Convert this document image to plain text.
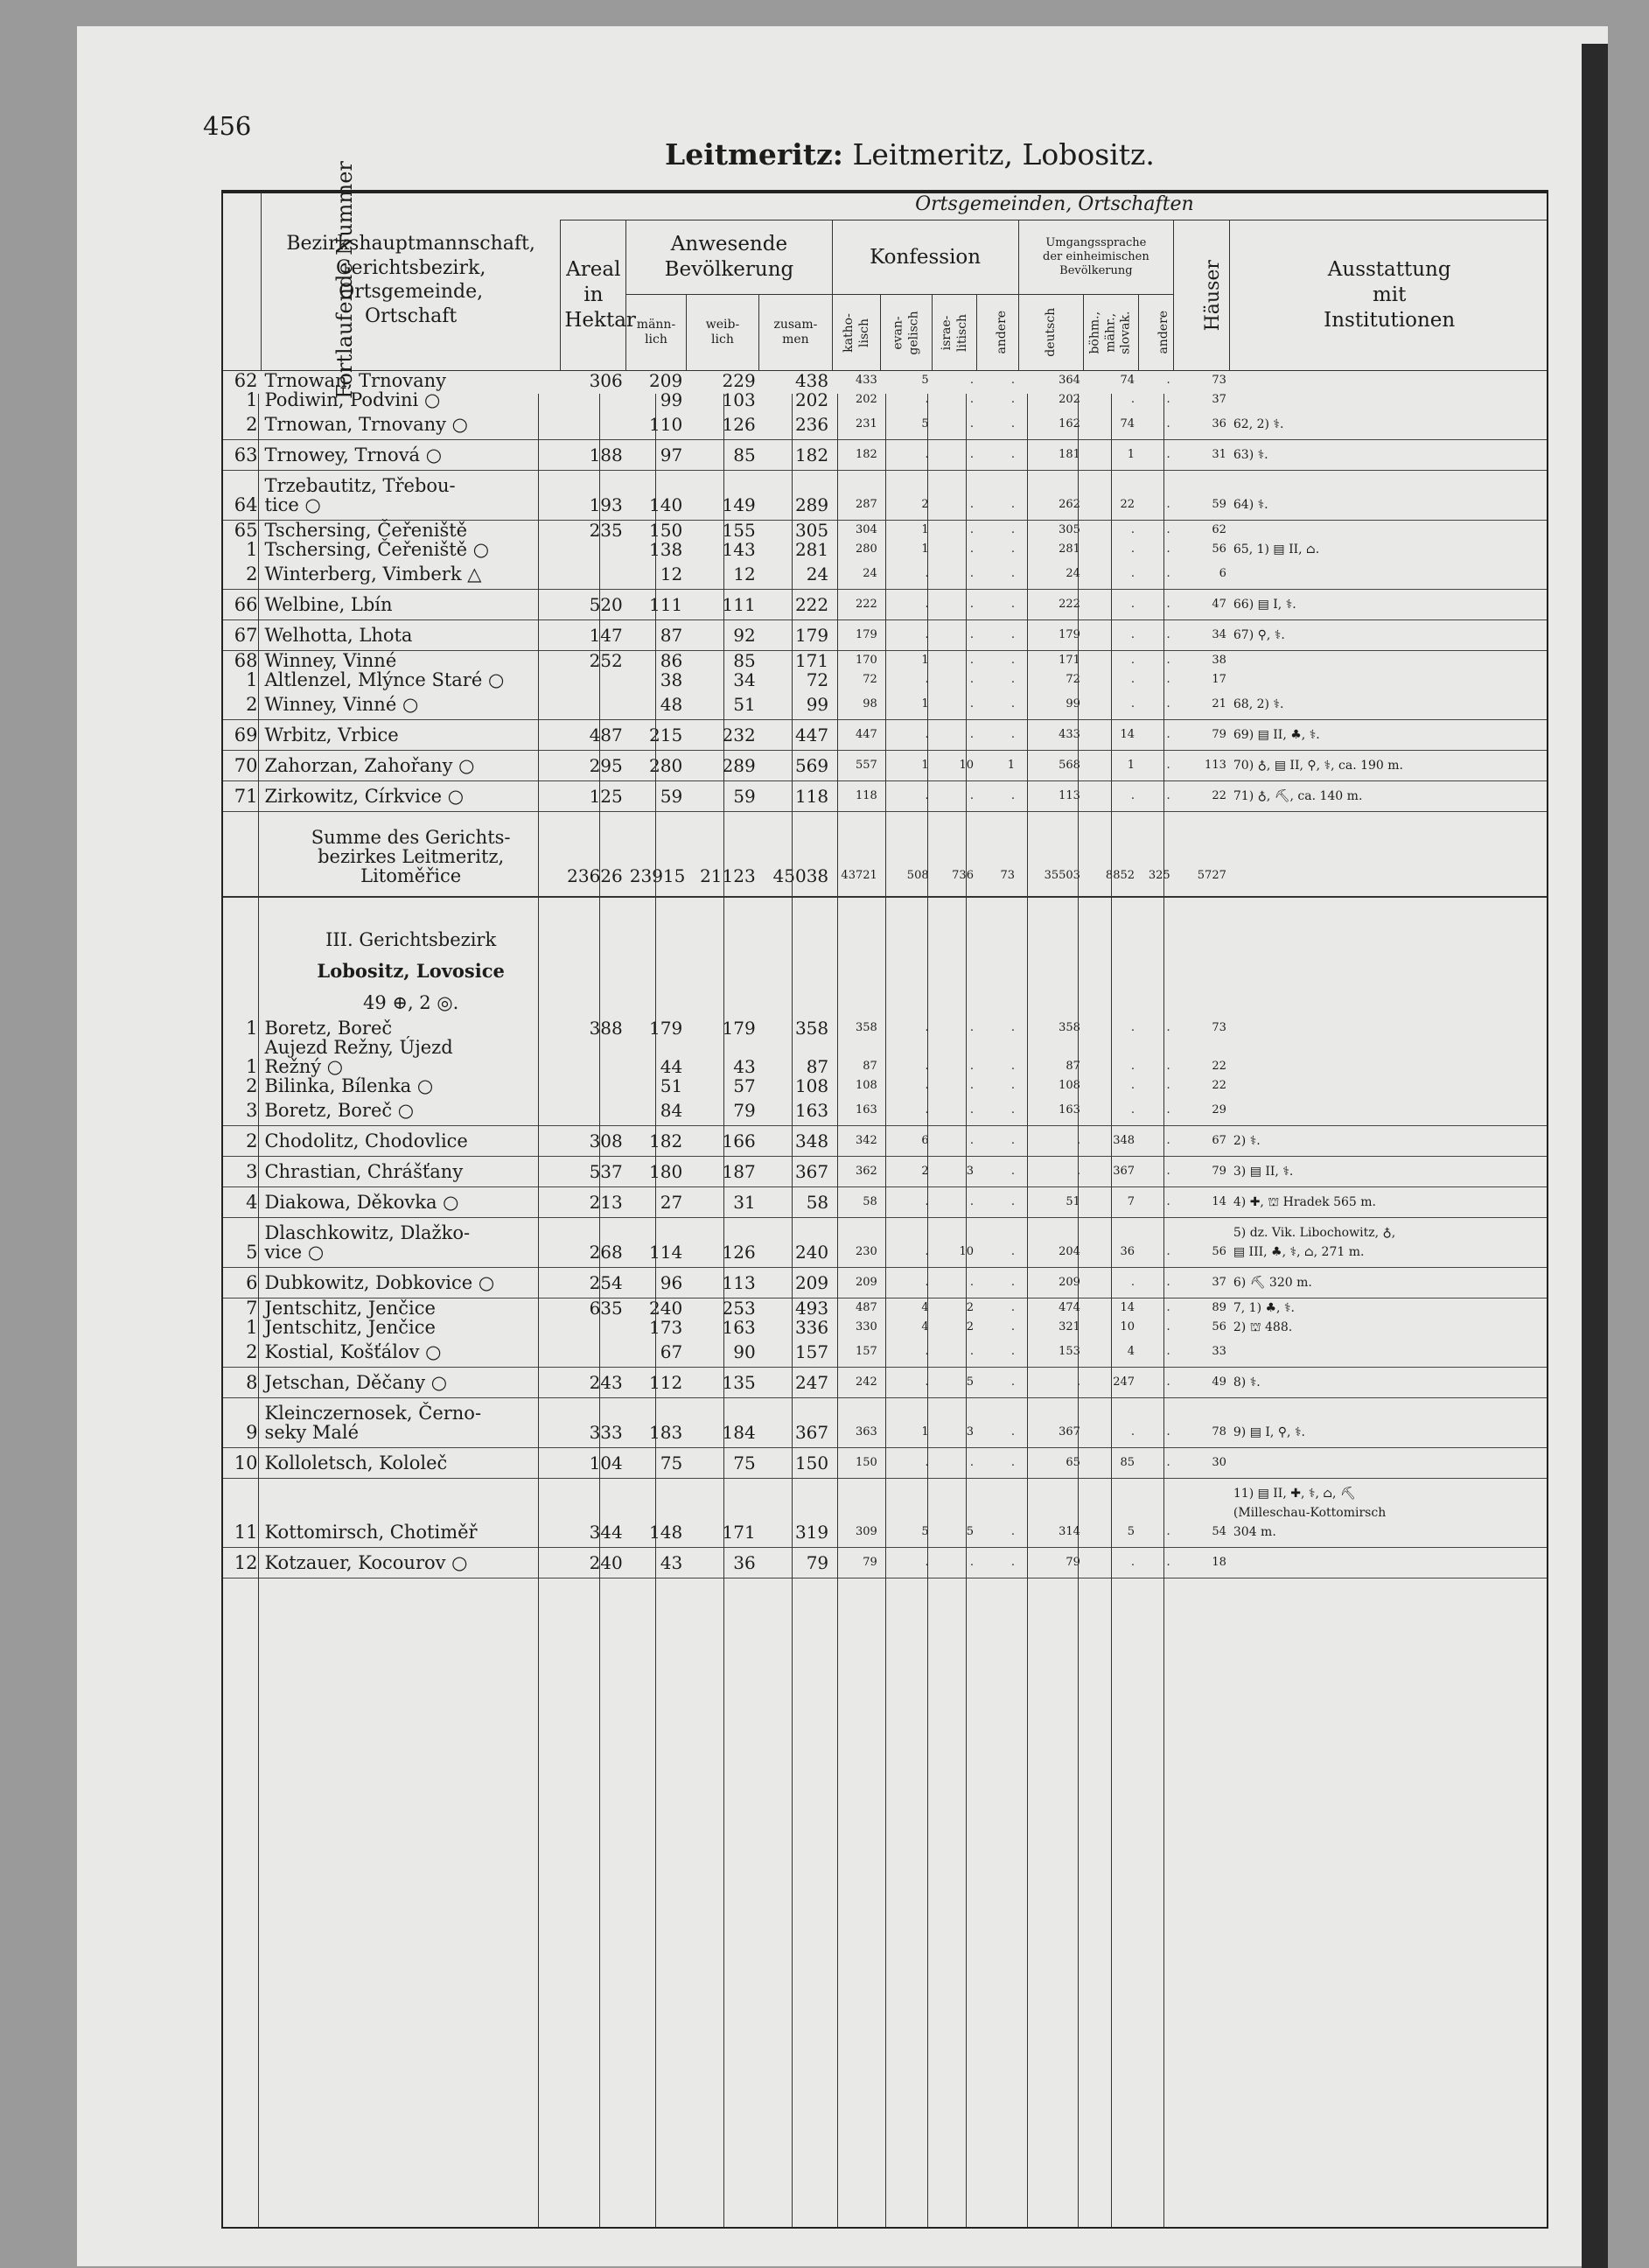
456
Leitmeritz: Leitmeritz, Lobositz.
Fortlaufende Nummer	Bezirkshauptmannschaft,
Gerichtsbezirk,
Ortsgemeinde,
Ortschaft	Ortsgemeinden, Ortschaften												
		Areal
in
Hektar	Anwesende
Bevölkerung			Konfession				Umgangssprache
der einheimischen
Bevölkerung			Häuser	Ausstattung
mit
Institutionen
			männ-
lich	weib-
lich	zusam-
men	katho-
lisch	evan-
gelisch	israe-
litisch	andere	deutsch	böhm.,
mähr.,
slovak.	andere		
62	Trnowan, Trnovany	306	209	229	438	433	5	.	.	364	74	.	73	
1	Podiwin, Podvini ○		99	103	202	202	.	.	.	202	.	.	37	
2	Trnowan, Trnovany ○		110	126	236	231	5	.	.	162	74	.	36	62, 2) ⚕.
63	Trnowey, Trnová ○	188	97	85	182	182	.	.	.	181	1	.	31	63) ⚕.
64	Trzebautitz, Třebou-
tice ○	193	140	149	289	287	2	.	.	262	22	.	59	64) ⚕.
65	Tschersing, Čeřeniště	235	150	155	305	304	1	.	.	305	.	.	62	
1	Tschersing, Čeřeniště ○		138	143	281	280	1	.	.	281	.	.	56	65, 1) ▤ II, ⌂.
2	Winterberg, Vimberk △		12	12	24	24	.	.	.	24	.	.	6	
66	Welbine, Lbín	520	111	111	222	222	.	.	.	222	.	.	47	66) ▤ I, ⚕.
67	Welhotta, Lhota	147	87	92	179	179	.	.	.	179	.	.	34	67) ⚲, ⚕.
68	Winney, Vinné	252	86	85	171	170	1	.	.	171	.	.	38	
1	Altlenzel, Mlýnce Staré ○		38	34	72	72	.	.	.	72	.	.	17	
2	Winney, Vinné ○		48	51	99	98	1	.	.	99	.	.	21	68, 2) ⚕.
69	Wrbitz, Vrbice	487	215	232	447	447	.	.	.	433	14	.	79	69) ▤ II, ♣, ⚕.
70	Zahorzan, Zahořany ○	295	280	289	569	557	1	10	1	568	1	.	113	70) ♁, ▤ II, ⚲, ⚕, ca. 190 m.
71	Zirkowitz, Církvice ○	125	59	59	118	118	.	.	.	113	.	.	22	71) ♁, ⛏, ca. 140 m.
	Summe des Gerichts-
bezirkes Leitmeritz,
Litoměřice	23626	23915	21123	45038	43721	508	736	73	35503	8852	325	5727	

	III. Gerichtsbezirk
Lobositz, Lovosice
49 ⊕, 2 ◎.													

1	Boretz, Boreč	388	179	179	358	358	.	.	.	358	.	.	73	
1	Aujezd Režny, Újezd
Režný ○		44	43	87	87	.	.	.	87	.	.	22	
2	Bilinka, Bílenka ○		51	57	108	108	.	.	.	108	.	.	22	
3	Boretz, Boreč ○		84	79	163	163	.	.	.	163	.	.	29	
2	Chodolitz, Chodovlice	308	182	166	348	342	6	.	.	.	348	.	67	2) ⚕.
3	Chrastian, Chrášťany	537	180	187	367	362	2	3	.	.	367	.	79	3) ▤ II, ⚕.
4	Diakowa, Děkovka ○	213	27	31	58	58	.	.	.	51	7	.	14	4) ✚, ⛫ Hradek 565 m.
5	Dlaschkowitz, Dlažko-
vice ○	268	114	126	240	230	.	10	.	204	36	.	56	5) dz. Vik. Libochowitz, ♁,
▤ III, ♣, ⚕, ⌂, 271 m.
6	Dubkowitz, Dobkovice ○	254	96	113	209	209	.	.	.	209	.	.	37	6) ⛏ 320 m.
7	Jentschitz, Jenčice	635	240	253	493	487	4	2	.	474	14	.	89	7, 1) ♣, ⚕.
1	Jentschitz, Jenčice		173	163	336	330	4	2	.	321	10	.	56	2) ⛫ 488.
2	Kostial, Košťálov ○		67	90	157	157	.	.	.	153	4	.	33	
8	Jetschan, Děčany ○	243	112	135	247	242	.	5	.	.	247	.	49	8) ⚕.
9	Kleinczernosek, Černo-
seky Malé	333	183	184	367	363	1	3	.	367	.	.	78	9) ▤ I, ⚲, ⚕.
10	Kolloletsch, Kololeč	104	75	75	150	150	.	.	.	65	85	.	30	
11	Kottomirsch, Chotiměř	344	148	171	319	309	5	5	.	314	5	.	54	11) ▤ II, ✚, ⚕, ⌂, ⛏
(Milleschau-Kottomirsch
304 m.
12	Kotzauer, Kocourov ○	240	43	36	79	79	.	.	.	79	.	.	18	
